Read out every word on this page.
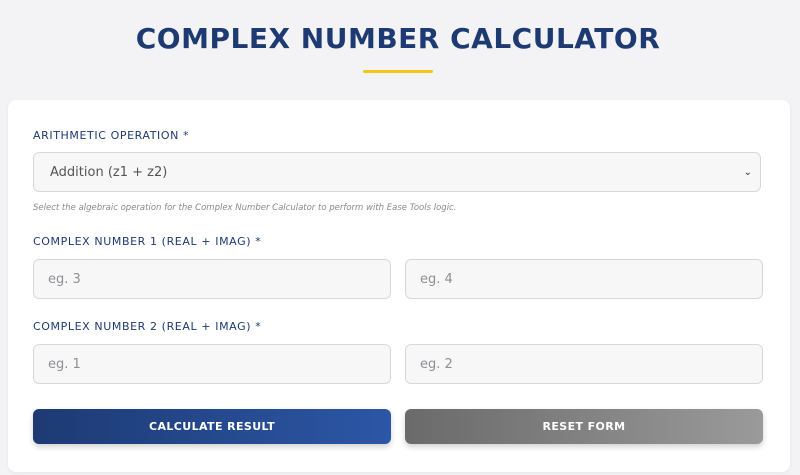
COMPLEX NUMBER CALCULATOR
ARITHMETIC OPERATION *
Addition (z1 + z2)	⌄
Select the algebraic operation for the Complex Number Calculator to perform with Ease Tools logic.
COMPLEX NUMBER 1 (REAL + IMAG) *
eg. 3	eg. 4
COMPLEX NUMBER 2 (REAL + IMAG) *
eg. 1	eg. 2
CALCULATE RESULT	RESET FORM
